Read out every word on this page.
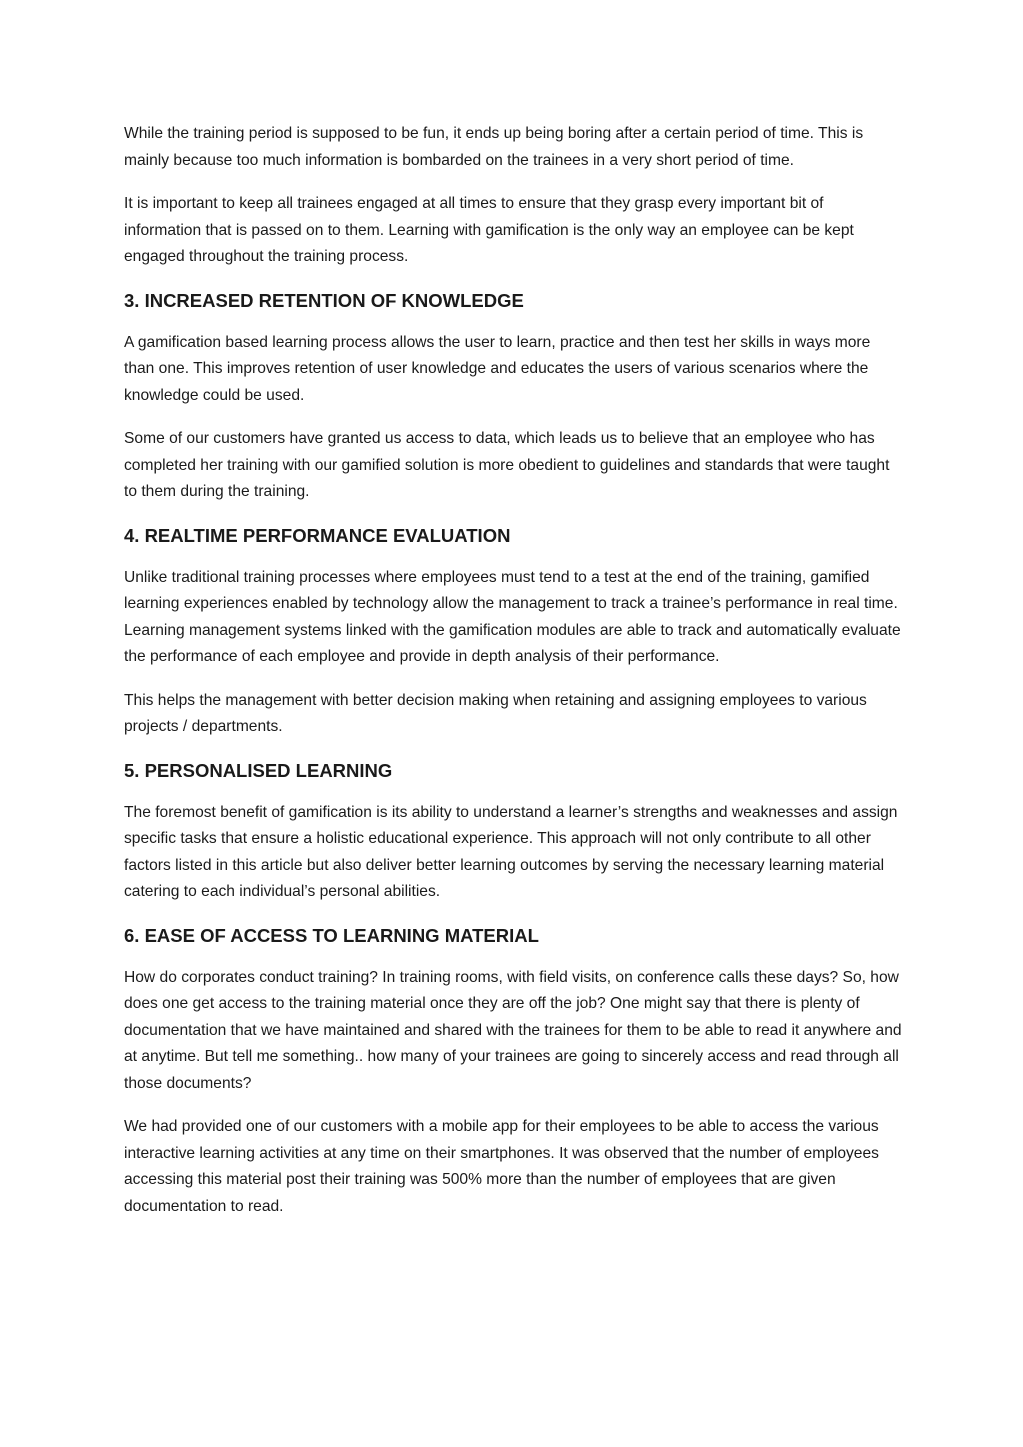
While the training period is supposed to be fun, it ends up being boring after a certain period of time. This is mainly because too much information is bombarded on the trainees in a very short period of time.

It is important to keep all trainees engaged at all times to ensure that they grasp every important bit of information that is passed on to them. Learning with gamification is the only way an employee can be kept engaged throughout the training process.

3. INCREASED RETENTION OF KNOWLEDGE

A gamification based learning process allows the user to learn, practice and then test her skills in ways more than one. This improves retention of user knowledge and educates the users of various scenarios where the knowledge could be used.

Some of our customers have granted us access to data, which leads us to believe that an employee who has completed her training with our gamified solution is more obedient to guidelines and standards that were taught to them during the training.

4. REALTIME PERFORMANCE EVALUATION

Unlike traditional training processes where employees must tend to a test at the end of the training, gamified learning experiences enabled by technology allow the management to track a trainee’s performance in real time. Learning management systems linked with the gamification modules are able to track and automatically evaluate the performance of each employee and provide in depth analysis of their performance.

This helps the management with better decision making when retaining and assigning employees to various projects / departments.

5. PERSONALISED LEARNING

The foremost benefit of gamification is its ability to understand a learner’s strengths and weaknesses and assign specific tasks that ensure a holistic educational experience. This approach will not only contribute to all other factors listed in this article but also deliver better learning outcomes by serving the necessary learning material catering to each individual’s personal abilities.

6. EASE OF ACCESS TO LEARNING MATERIAL

How do corporates conduct training? In training rooms, with field visits, on conference calls these days? So, how does one get access to the training material once they are off the job? One might say that there is plenty of documentation that we have maintained and shared with the trainees for them to be able to read it anywhere and at anytime. But tell me something.. how many of your trainees are going to sincerely access and read through all those documents?

We had provided one of our customers with a mobile app for their employees to be able to access the various interactive learning activities at any time on their smartphones. It was observed that the number of employees accessing this material post their training was 500% more than the number of employees that are given documentation to read.
